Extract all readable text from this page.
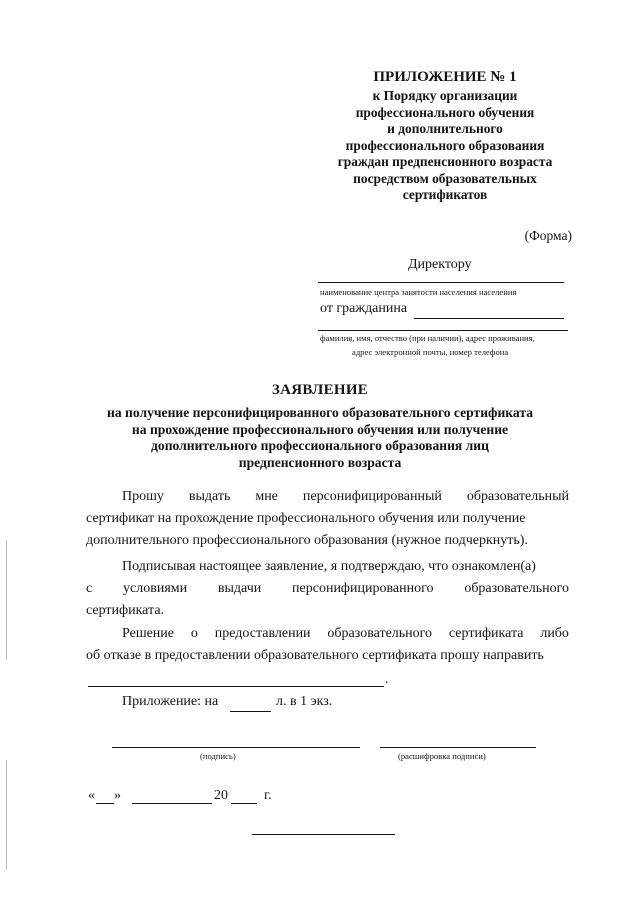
ПРИЛОЖЕНИЕ № 1
к Порядку организации
профессионального обучения
и дополнительного
профессионального образования
граждан предпенсионного возраста
посредством образовательных
сертификатов
(Форма)
Директору
наименование центра занятости населения населения
от гражданина
фамилия, имя, отчество (при наличии), адрес проживания,
адрес электронной почты, номер телефона
ЗАЯВЛЕНИЕ
на получение персонифицированного образовательного сертификата
на прохождение профессионального обучения или получение
дополнительного профессионального образования лиц
предпенсионного возраста
Прошу выдать мне персонифицированный образовательный
сертификат на прохождение профессионального обучения или получение
дополнительного профессионального образования (нужное подчеркнуть).
Подписывая настоящее заявление, я подтверждаю, что ознакомлен(а)
с условиями выдачи персонифицированного образовательного
сертификата.
Решение о предоставлении образовательного сертификата либо
об отказе в предоставлении образовательного сертификата прошу направить
.
Приложение: на	л. в 1 экз.
(подпись)	(расшифровка подписи)
« »	20	г.
